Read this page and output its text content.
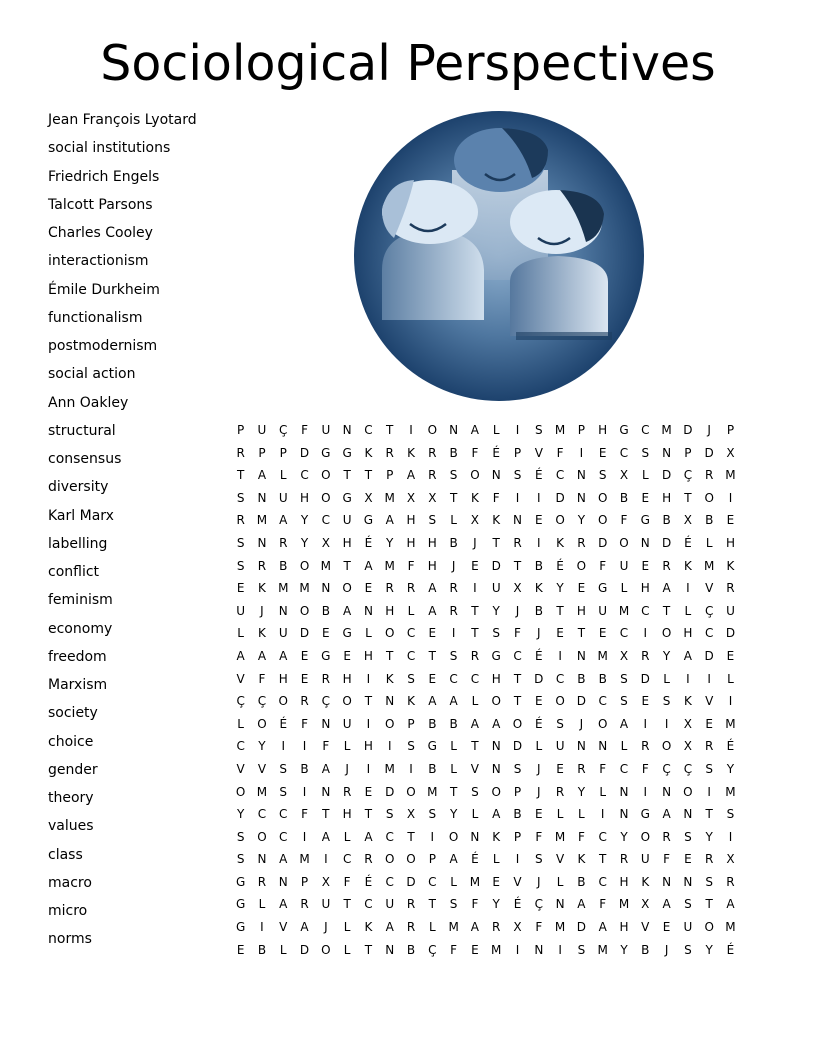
Sociological Perspectives
Jean François Lyotard
social institutions
Friedrich Engels
Talcott Parsons
Charles Cooley
interactionism
Émile Durkheim
functionalism
postmodernism
social action
Ann Oakley
structural
consensus
diversity
Karl Marx
labelling
conflict
feminism
economy
freedom
Marxism
society
choice
gender
theory
values
class
macro
micro
norms
P	U	Ç	F	U	N	C	T	I	O	N	A	L	I	S	M	P	H	G	C M D	J	P
R	P	P	D	G G	K	R	K	R	B	F	É	P	V	F	I	E	C	S	N	P	D	X
T	A	L	C	O	T	T	P	A	R	S	O	N	S	É	C	N	S	X	L	D	Ç	R M
S	N	U	H	O G	X	M	X	X	T	K	F	I	I	D	N	O	B	E	H	T	O	I
R M	A	Y	C	U	G	A	H	S	L	X	K	N	E	O	Y	O	F	G	B	X	B	E
S	N	R	Y	X	H	É	Y	H	H	B	J	T	R	I	K	R	D O	N	D	É	L	H
S	R	B	O M	T	A	M	F	H	J	E	D	T	B	É	O	F	U	E	R	K	M	K
E	K	M M N	O	E	R	R	A	R	I	U	X	K	Y	E	G	L	H	A	I	V	R
U	J	N	O	B	A	N	H	L	A	R	T	Y	J	B	T	H	U M C	T	L	Ç	U
L	K	U	D	E	G	L	O	C	E	I	T	S	F	J	E	T	E	C	I	O	H	C	D
A	A	A	E	G	E	H	T	C	T	S	R	G	C	É	I	N M	X	R	Y	A	D	E
V	F	H	E	R	H	I	K	S	E	C	C	H	T	D	C	B	B	S	D	L	I	I	L
Ç	Ç	O	R	Ç	O	T	N	K	A	A	L	O	T	E	O D	C	S	E	S	K	V	I
L	O	É	F	N	U	I	O	P	B	B	A	A	O	É	S	J	O	A	I	I	X	E	M
C	Y	I	I	F	L	H	I	S	G	L	T	N	D	L	U	N	N	L	R	O	X	R	É
V	V	S	B	A	J	I	M	I	B	L	V	N	S	J	E	R	F	C	F	Ç	Ç	S	Y
O M	S	I	N	R	E	D O M	T	S	O	P	J	R	Y	L	N	I	N	O	I	M
Y	C	C	F	T	H	T	S	X	S	Y	L	A	B	E	L	L	I	N	G	A	N	T	S
S	O	C	I	A	L	A	C	T	I	O	N	K	P	F	M	F	C	Y	O	R	S	Y	I
S	N	A	M	I	C	R	O O	P	A	É	L	I	S	V	K	T	R	U	F	E	R	X
G	R	N	P	X	F	É	C	D	C	L	M	E	V	J	L	B	C	H	K	N	N	S	R
G	L	A	R	U	T	C	U	R	T	S	F	Y	É	Ç	N	A	F	M	X	A	S	T	A
G	I	V	A	J	L	K	A	R	L	M	A	R	X	F	M D	A	H	V	E	U	O M
E	B	L	D O	L	T	N	B	Ç	F	E	M	I	N	I	S	M	Y	B	J	S	Y	É
